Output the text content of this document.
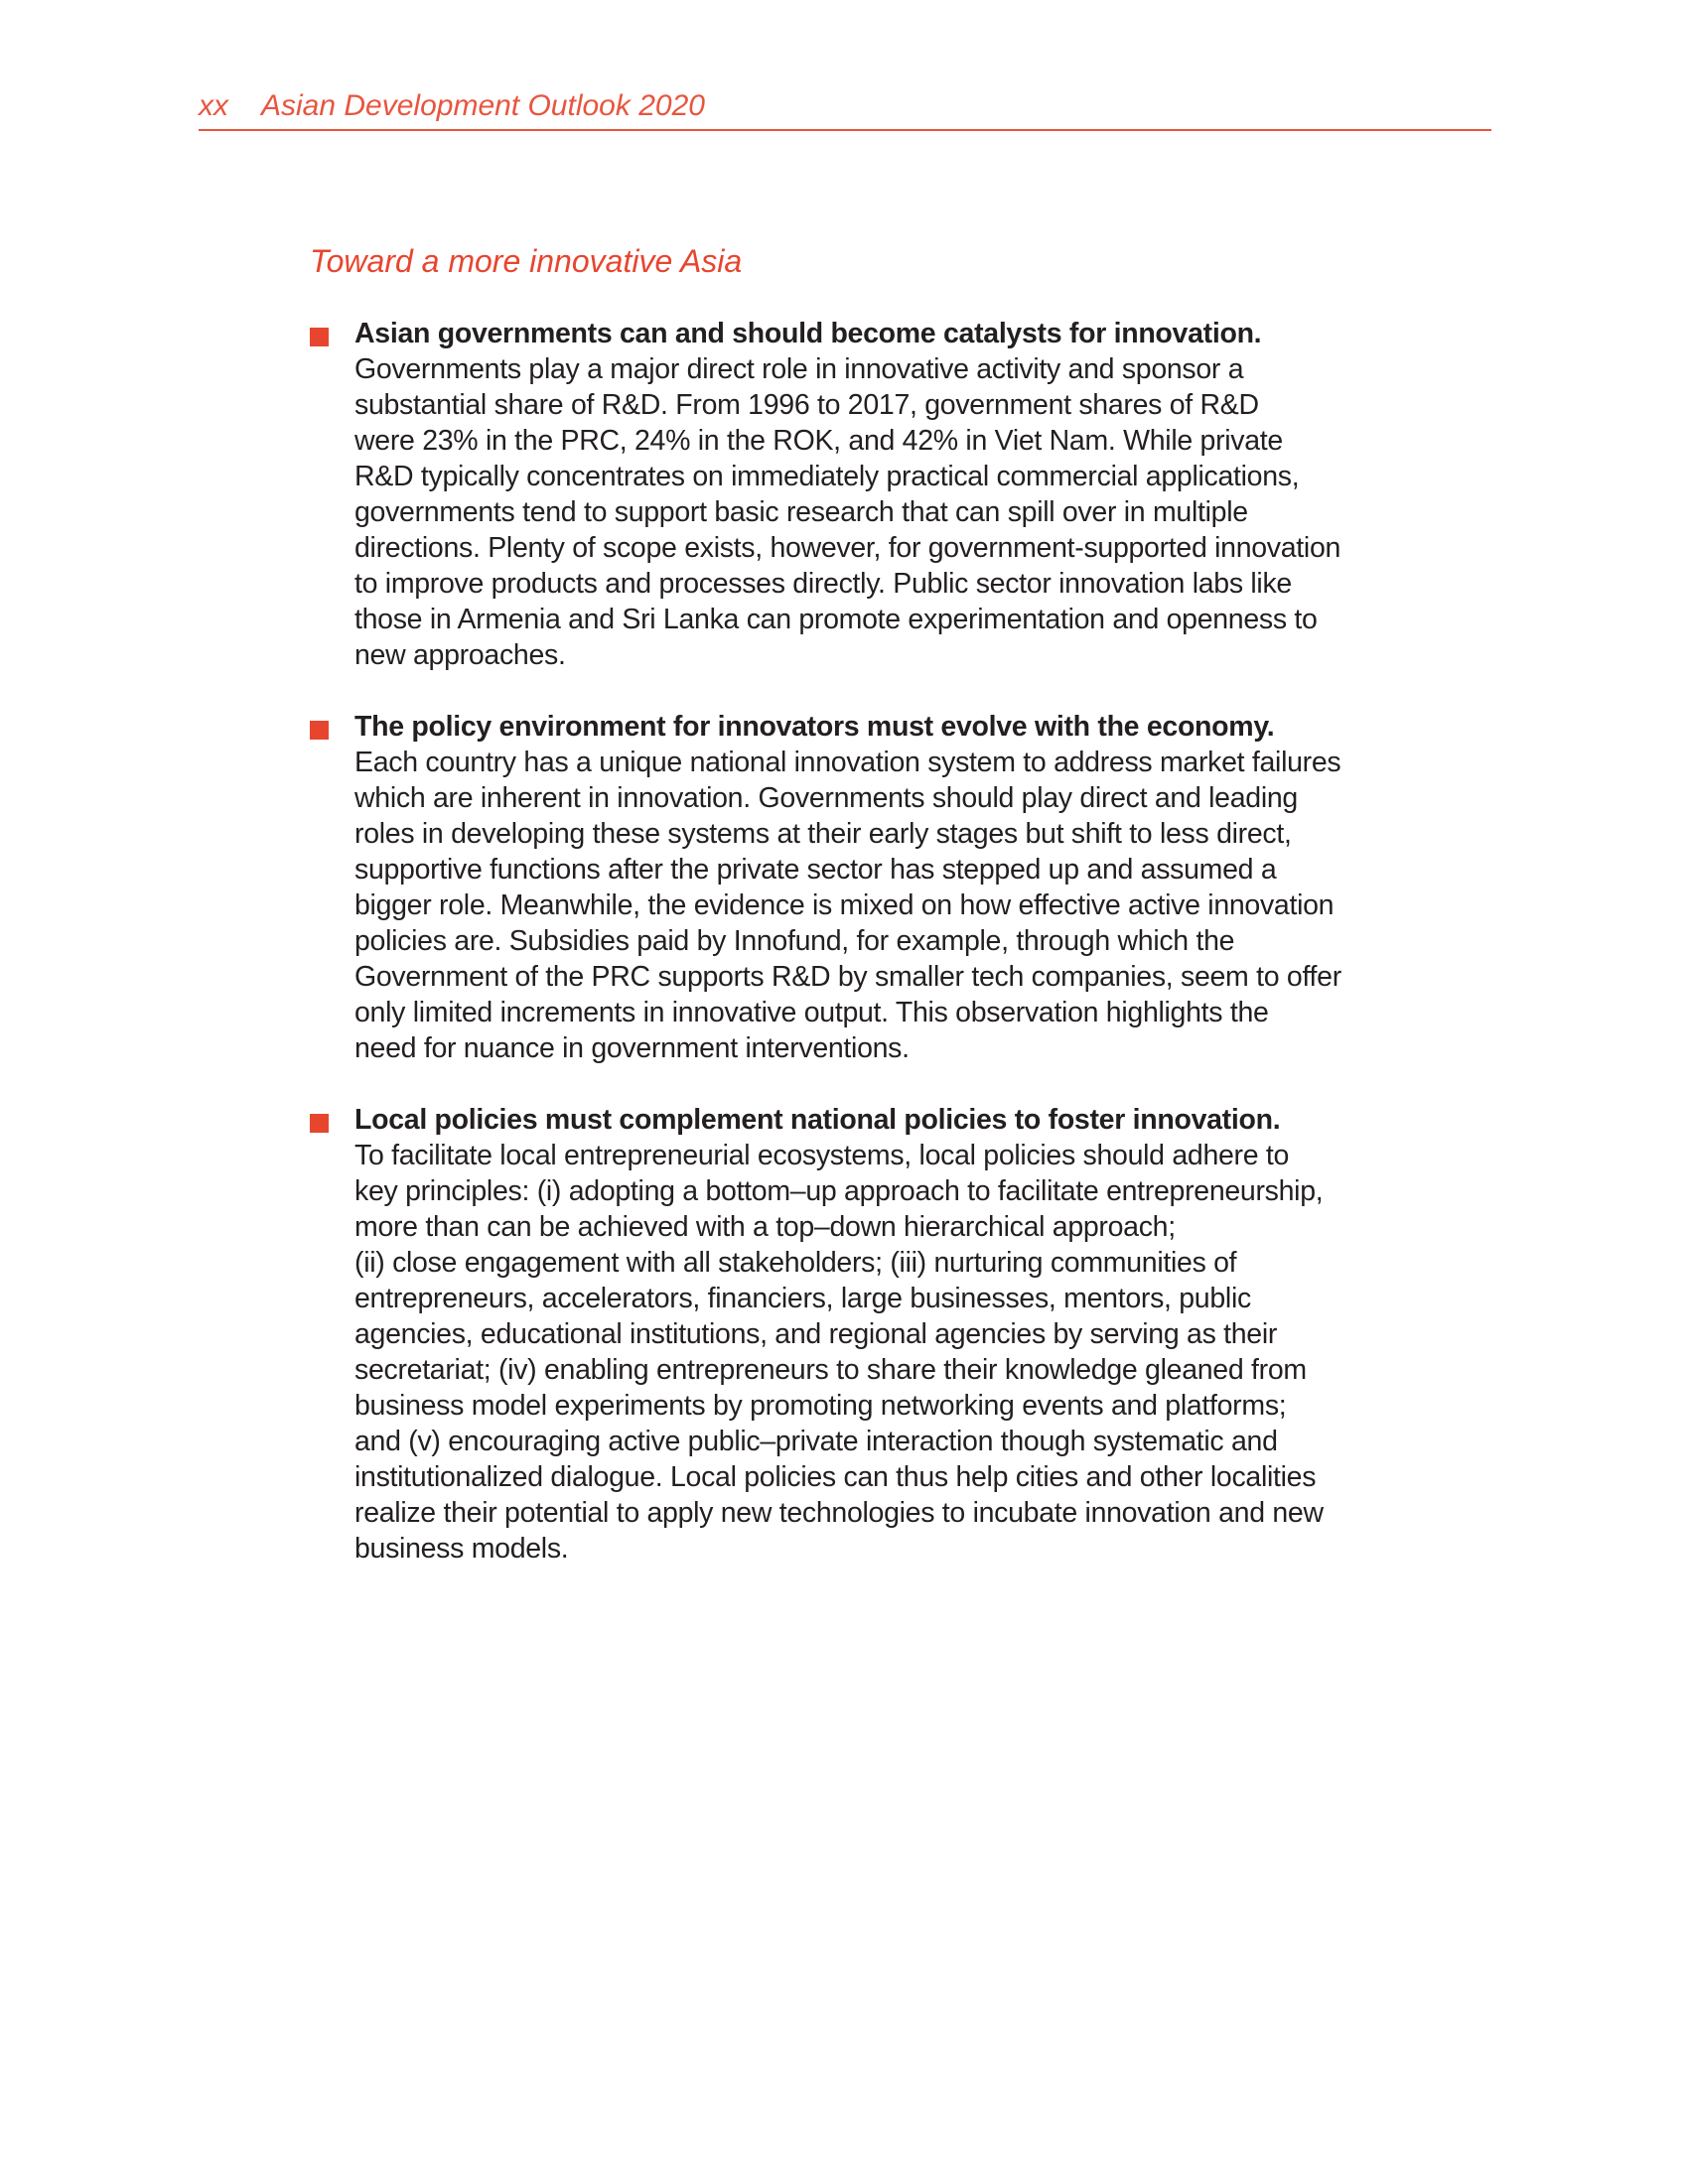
xx Asian Development Outlook 2020
Toward a more innovative Asia
Asian governments can and should become catalysts for innovation.
Governments play a major direct role in innovative activity and sponsor a
substantial share of R&D. From 1996 to 2017, government shares of R&D
were 23% in the PRC, 24% in the ROK, and 42% in Viet Nam. While private
R&D typically concentrates on immediately practical commercial applications,
governments tend to support basic research that can spill over in multiple
directions. Plenty of scope exists, however, for government-supported innovation
to improve products and processes directly. Public sector innovation labs like
those in Armenia and Sri Lanka can promote experimentation and openness to
new approaches.
The policy environment for innovators must evolve with the economy.
Each country has a unique national innovation system to address market failures
which are inherent in innovation. Governments should play direct and leading
roles in developing these systems at their early stages but shift to less direct,
supportive functions after the private sector has stepped up and assumed a
bigger role. Meanwhile, the evidence is mixed on how effective active innovation
policies are. Subsidies paid by Innofund, for example, through which the
Government of the PRC supports R&D by smaller tech companies, seem to offer
only limited increments in innovative output. This observation highlights the
need for nuance in government interventions.
Local policies must complement national policies to foster innovation.
To facilitate local entrepreneurial ecosystems, local policies should adhere to
key principles: (i) adopting a bottom–up approach to facilitate entrepreneurship,
more than can be achieved with a top–down hierarchical approach;
(ii) close engagement with all stakeholders; (iii) nurturing communities of
entrepreneurs, accelerators, financiers, large businesses, mentors, public
agencies, educational institutions, and regional agencies by serving as their
secretariat; (iv) enabling entrepreneurs to share their knowledge gleaned from
business model experiments by promoting networking events and platforms;
and (v) encouraging active public–private interaction though systematic and
institutionalized dialogue. Local policies can thus help cities and other localities
realize their potential to apply new technologies to incubate innovation and new
business models.
